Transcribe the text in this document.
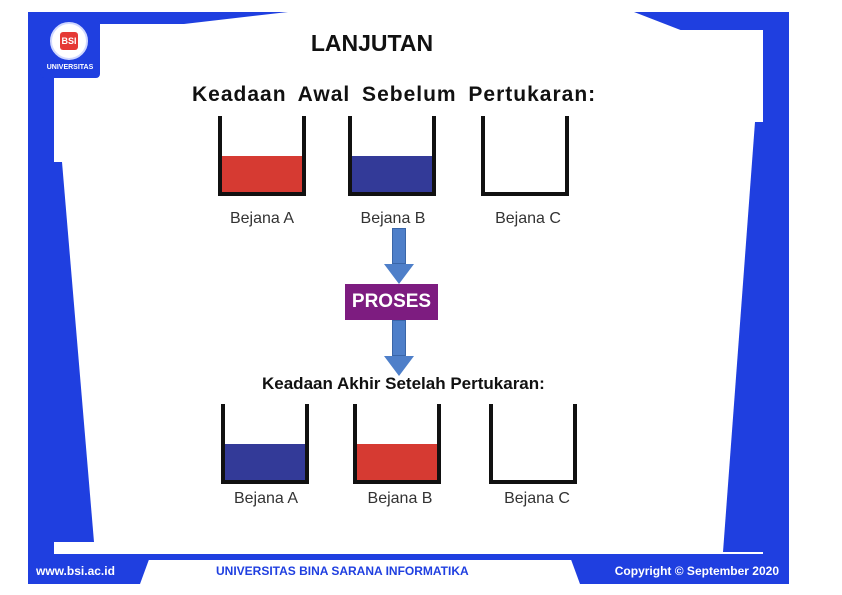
BSI
UNIVERSITAS
LANJUTAN
Keadaan Awal Sebelum Pertukaran:
Bejana A	Bejana B	Bejana C
PROSES
Keadaan Akhir Setelah Pertukaran:
Bejana A	Bejana B	Bejana C
www.bsi.ac.id	UNIVERSITAS BINA SARANA INFORMATIKA	Copyright © September 2020
